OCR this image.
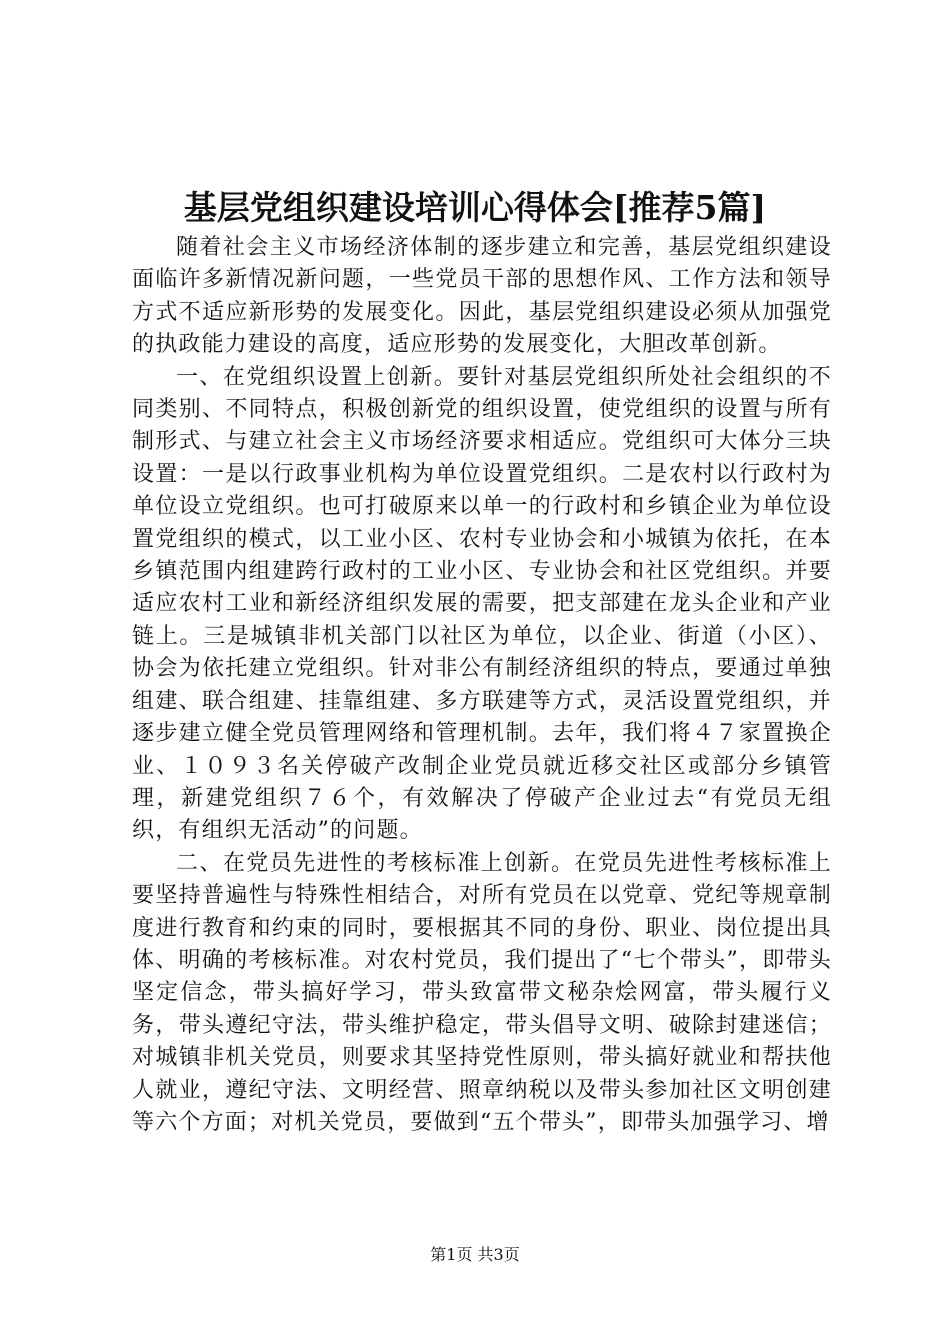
基层党组织建设培训心得体会[推荐5篇]

随着社会主义市场经济体制的逐步建立和完善，基层党组织建设面临许多新情况新问题，一些党员干部的思想作风、工作方法和领导方式不适应新形势的发展变化。因此，基层党组织建设必须从加强党的执政能力建设的高度，适应形势的发展变化，大胆改革创新。

一、在党组织设置上创新。要针对基层党组织所处社会组织的不同类别、不同特点，积极创新党的组织设置，使党组织的设置与所有制形式、与建立社会主义市场经济要求相适应。党组织可大体分三块设置：一是以行政事业机构为单位设置党组织。二是农村以行政村为单位设立党组织。也可打破原来以单一的行政村和乡镇企业为单位设置党组织的模式，以工业小区、农村专业协会和小城镇为依托，在本乡镇范围内组建跨行政村的工业小区、专业协会和社区党组织。并要适应农村工业和新经济组织发展的需要，把支部建在龙头企业和产业链上。三是城镇非机关部门以社区为单位，以企业、街道（小区）、协会为依托建立党组织。针对非公有制经济组织的特点，要通过单独组建、联合组建、挂靠组建、多方联建等方式，灵活设置党组织，并逐步建立健全党员管理网络和管理机制。去年，我们将４７家置换企业、１０９３名关停破产改制企业党员就近移交社区或部分乡镇管理，新建党组织７６个，有效解决了停破产企业过去“有党员无组织，有组织无活动”的问题。

二、在党员先进性的考核标准上创新。在党员先进性考核标准上要坚持普遍性与特殊性相结合，对所有党员在以党章、党纪等规章制度进行教育和约束的同时，要根据其不同的身份、职业、岗位提出具体、明确的考核标准。对农村党员，我们提出了“七个带头”，即带头坚定信念，带头搞好学习，带头致富带文秘杂烩网富，带头履行义务，带头遵纪守法，带头维护稳定，带头倡导文明、破除封建迷信；对城镇非机关党员，则要求其坚持党性原则，带头搞好就业和帮扶他人就业，遵纪守法、文明经营、照章纳税以及带头参加社区文明创建等六个方面；对机关党员，要做到“五个带头”，即带头加强学习、增

第1页 共3页
